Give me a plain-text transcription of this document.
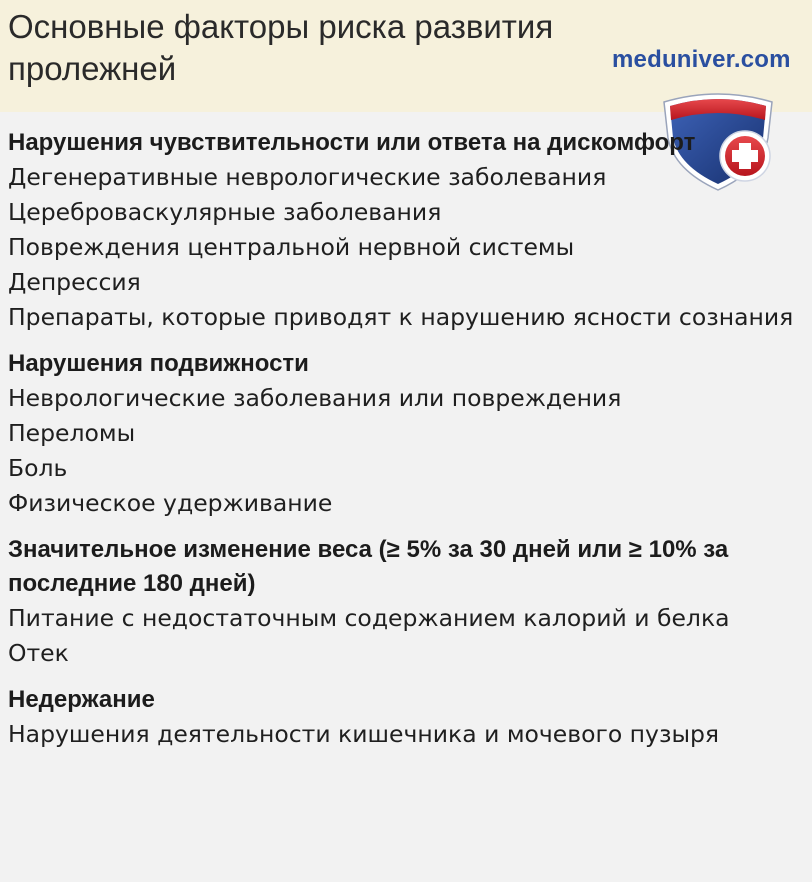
Основные факторы риска развития пролежней	meduniver.com

Нарушения чувствительности или ответа на дискомфорт

Дегенеративные неврологические заболевания

Цереброваскулярные заболевания

Повреждения центральной нервной системы

Депрессия

Препараты, которые приводят к нарушению ясности сознания

Нарушения подвижности

Неврологические заболевания или повреждения

Переломы

Боль

Физическое удерживание

Значительное изменение веса (≥ 5% за 30 дней или ≥ 10% за последние 180 дней)

Питание с недостаточным содержанием калорий и белка

Отек

Недержание

Нарушения деятельности кишечника и мочевого пузыря
